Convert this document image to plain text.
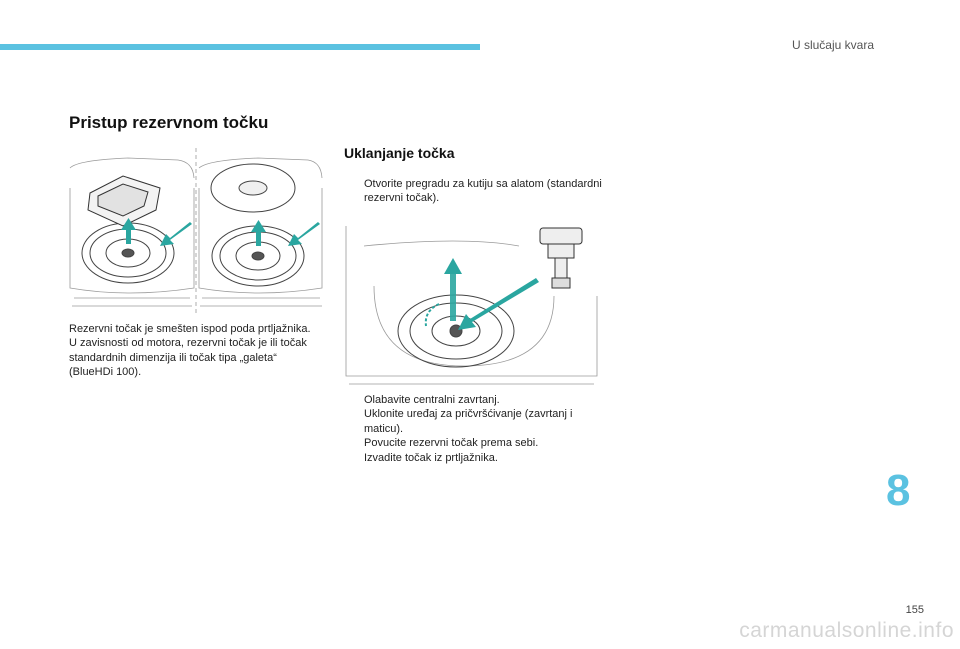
U slučaju kvara
Pristup rezervnom točku

Rezervni točak je smešten ispod poda prtljažnika.

U zavisnosti od motora, rezervni točak je ili točak standardnih dimenzija ili točak tipa „galeta“ (BlueHDi 100).

Uklanjanje točka
Otvorite pregradu za kutiju sa alatom (standardni rezervni točak).
Olabavite centralni zavrtanj.
Uklonite uređaj za pričvršćivanje (zavrtanj i maticu).
Povucite rezervni točak prema sebi.
Izvadite točak iz prtljažnika.
8
155
carmanualsonline.info
